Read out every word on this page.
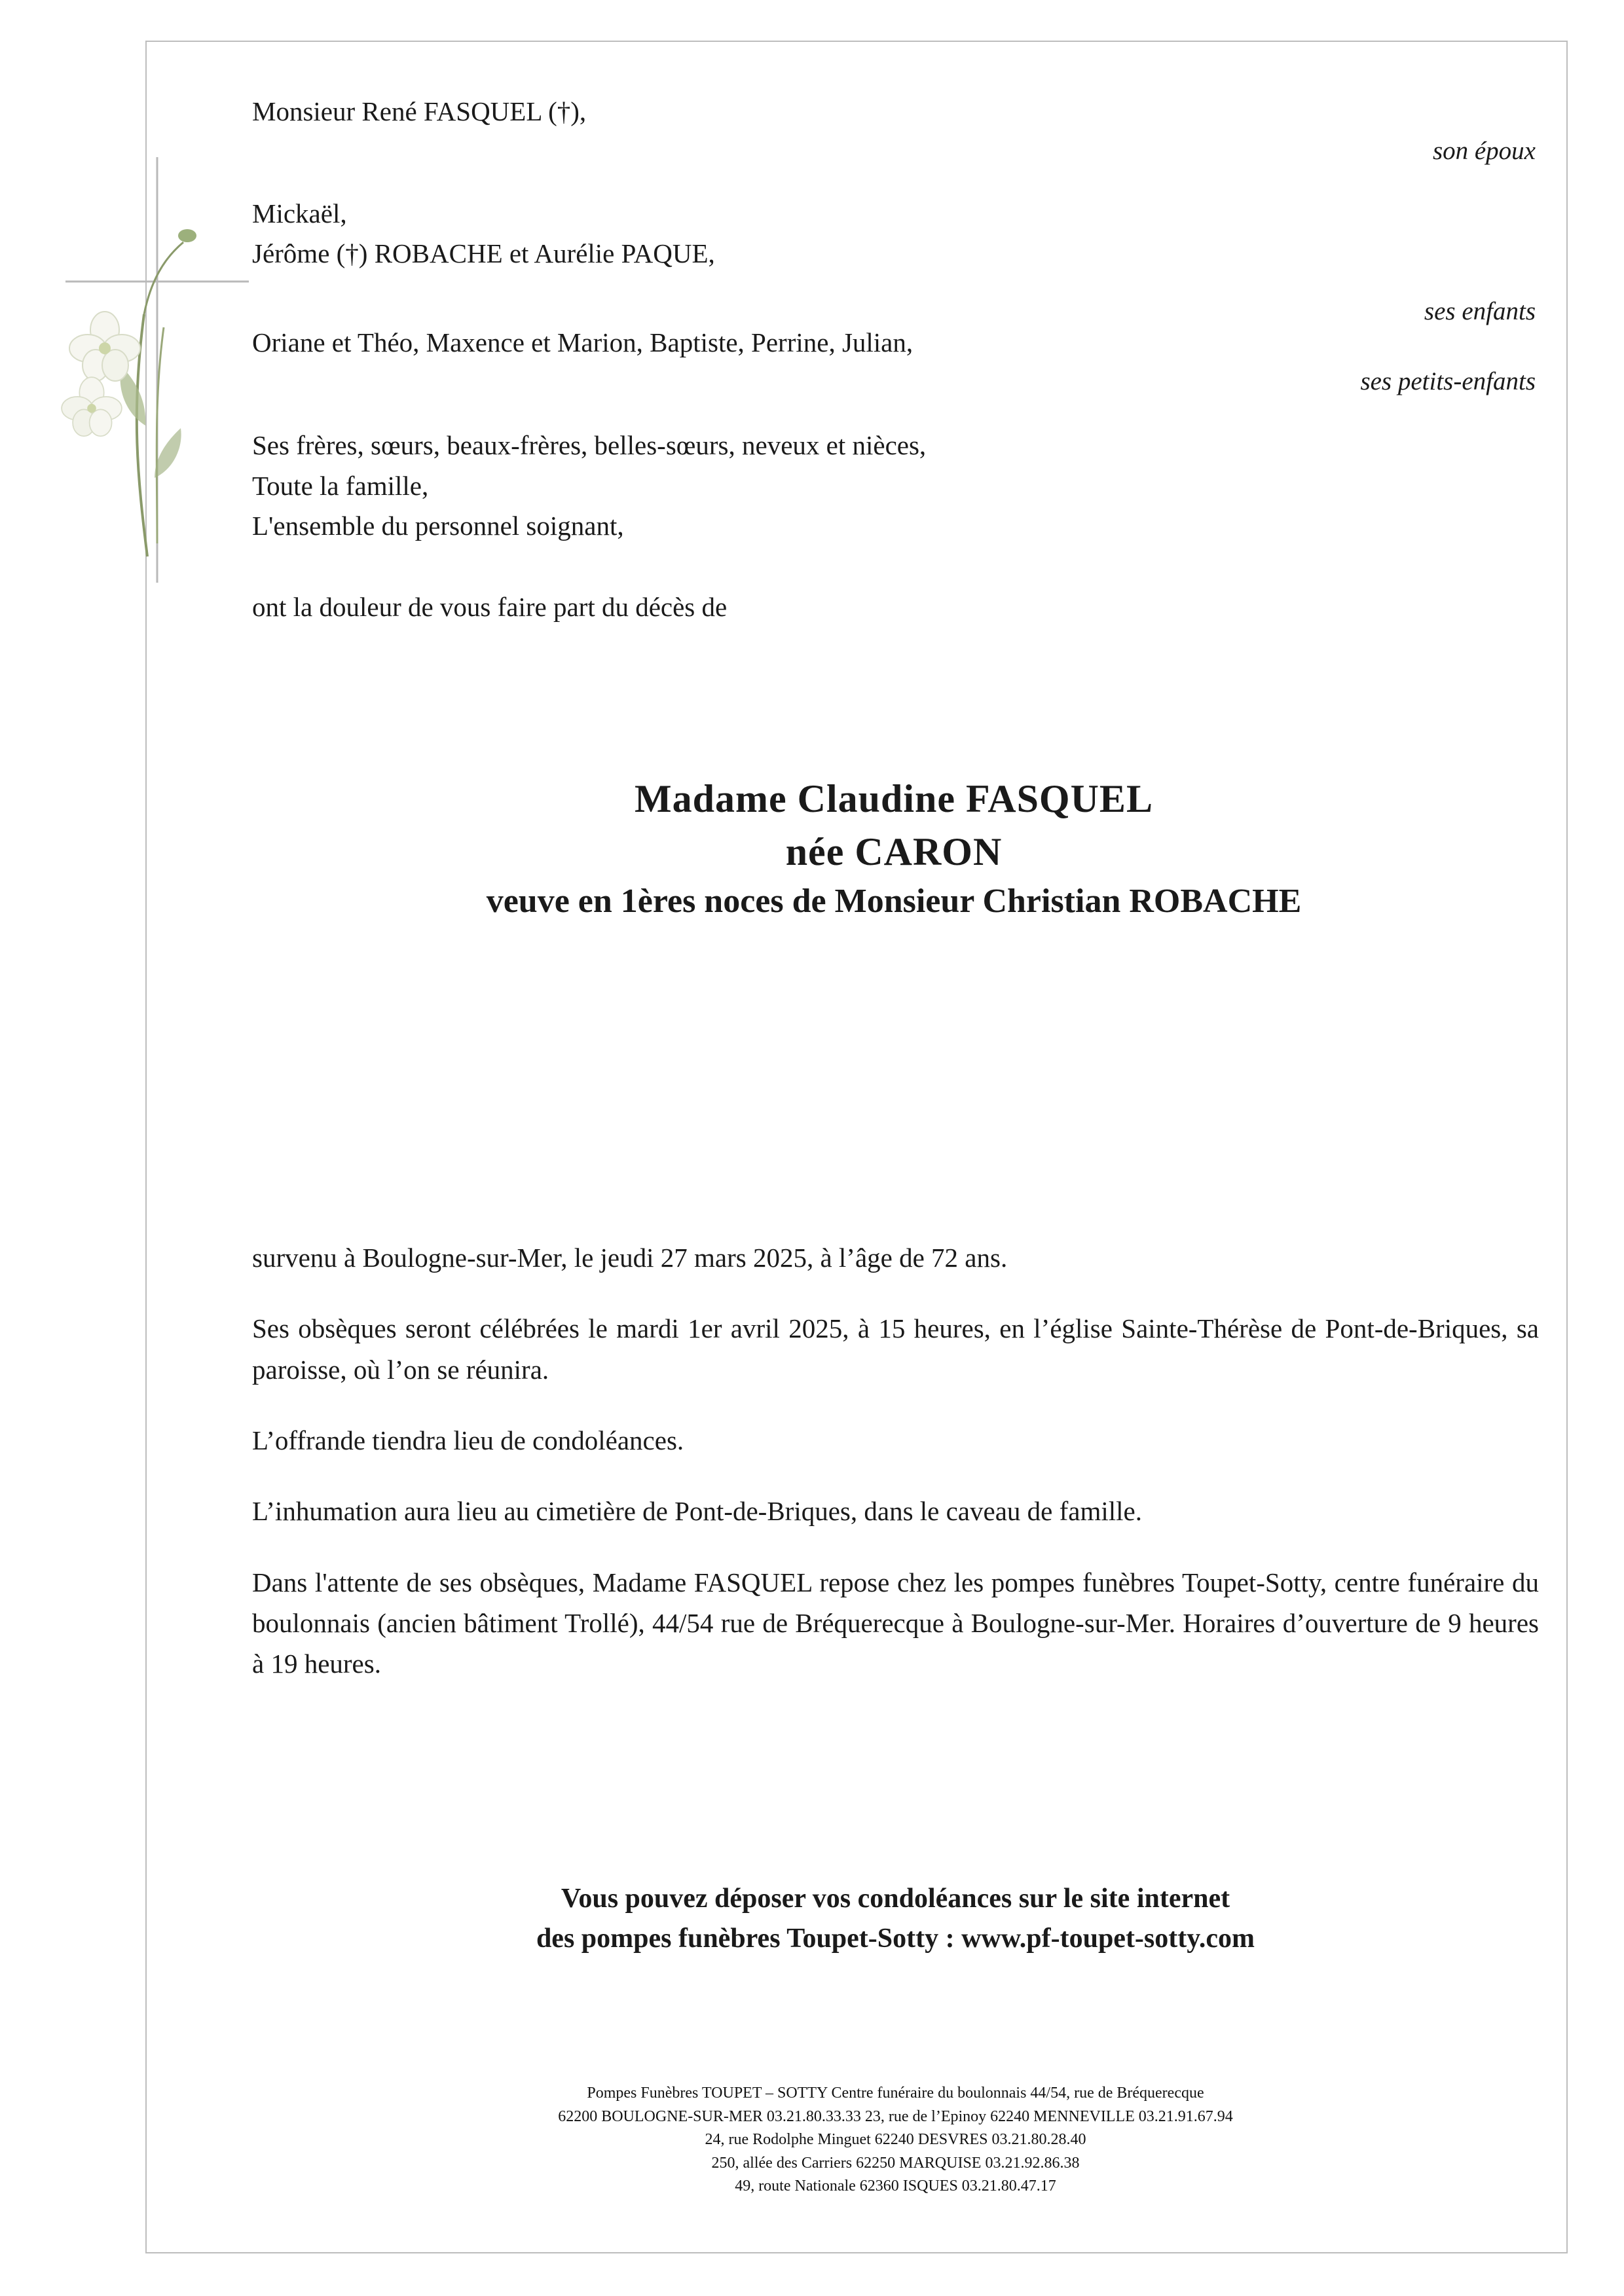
Monsieur René FASQUEL (†),
son époux
Mickaël,
Jérôme (†) ROBACHE et Aurélie PAQUE,
ses enfants
Oriane et Théo, Maxence et Marion, Baptiste, Perrine, Julian,
ses petits-enfants
Ses frères, sœurs, beaux-frères, belles-sœurs, neveux et nièces,
Toute la famille,
L'ensemble du personnel soignant,
ont la douleur de vous faire part du décès de
Madame Claudine FASQUEL
née CARON
veuve en 1ères noces de Monsieur Christian ROBACHE

survenu à Boulogne-sur-Mer, le jeudi 27 mars 2025, à l’âge de 72 ans.

Ses obsèques seront célébrées le mardi 1er avril 2025, à 15 heures, en l’église Sainte-Thérèse de Pont-de-Briques, sa paroisse, où l’on se réunira.

L’offrande tiendra lieu de condoléances.

L’inhumation aura lieu au cimetière de Pont-de-Briques, dans le caveau de famille.

Dans l'attente de ses obsèques, Madame FASQUEL repose chez les pompes funèbres Toupet-Sotty, centre funéraire du boulonnais (ancien bâtiment Trollé), 44/54 rue de Bréquerecque à Boulogne-sur-Mer. Horaires d’ouverture de 9 heures à 19 heures.

Vous pouvez déposer vos condoléances sur le site internet
des pompes funèbres Toupet-Sotty : www.pf-toupet-sotty.com
Pompes Funèbres TOUPET – SOTTY Centre funéraire du boulonnais 44/54, rue de Bréquerecque
62200 BOULOGNE-SUR-MER 03.21.80.33.33 23, rue de l’Epinoy 62240 MENNEVILLE 03.21.91.67.94
24, rue Rodolphe Minguet 62240 DESVRES 03.21.80.28.40
250, allée des Carriers 62250 MARQUISE 03.21.92.86.38
49, route Nationale 62360 ISQUES 03.21.80.47.17
